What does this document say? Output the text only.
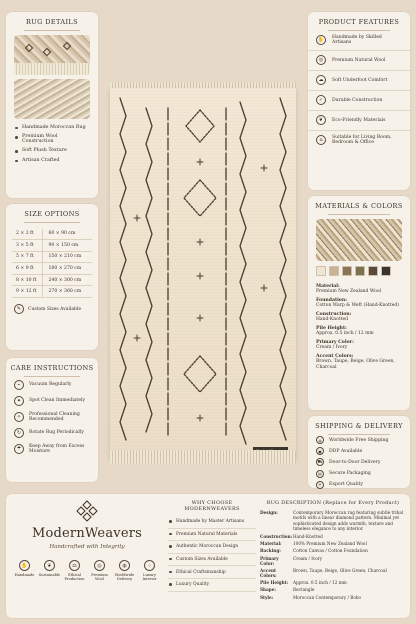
RUG DETAILS
Handmade Moroccan Rug
Premium Wool Construction
Soft Plush Texture
Artisan Crafted
SIZE OPTIONS
2 × 3 ft	60 × 90 cm
3 × 5 ft	90 × 150 cm
5 × 7 ft	150 × 210 cm
6 × 9 ft	180 × 270 cm
8 × 10 ft	240 × 300 cm
9 × 12 ft	270 × 360 cm
✎	Custom Sizes Available
CARE INSTRUCTIONS
⌁	Vacuum Regularly
✦	Spot Clean Immediately
✧	Professional Cleaning Recommended
↻	Rotate Rug Periodically
☂	Keep Away from Excess Moisture
PRODUCT FEATURES
✋	Handmade by Skilled Artisans
◎	Premium Natural Wool
☁	Soft Underfoot Comfort
✓	Durable Construction
❦	Eco-Friendly Materials
⌂	Suitable for Living Room, Bedroom & Office
MATERIALS & COLORS
Material:
Premium New Zealand Wool
Foundation:
Cotton Warp & Weft (Hand-Knotted)
Construction:
Hand-Knotted
Pile Height:
Approx. 0.5 inch / 12 mm
Primary Color:
Cream / Ivory
Accent Colors:
Brown, Taupe, Beige, Olive Green, Charcoal
SHIPPING & DELIVERY
◍	Worldwide Free Shipping
▣	DDP Available
⛟	Door-to-Door Delivery
▤	Secure Packaging
✈	Export Quality
ModernWeavers
Handcrafted with Integrity
✋
Handmade
❦
Sustainable
⚖
Ethical Production
◎
Premium Wool
◍
Worldwide Delivery
♢
Luxury Interior
WHY CHOOSE MODERNWEAVERS
Handmade by Master Artisans
Premium Natural Materials
Authentic Moroccan Design
Custom Sizes Available
Ethical Craftsmanship
Luxury Quality
RUG DESCRIPTION (Replace for Every Product)
Design:	Contemporary Moroccan rug featuring subtle tribal motifs with a linear diamond pattern. Minimal yet sophisticated design adds warmth, texture and timeless elegance to any interior.
Construction: Hand-Knotted
Material:	100% Premium New Zealand Wool
Backing:	Cotton Canvas / Cotton Foundation
Primary Color:
Cream / Ivory
Accent Colors:
Brown, Taupe, Beige, Olive Green, Charcoal
Pile Height:	Approx. 0.5 inch / 12 mm
Shape:	Rectangle
Style:	Moroccan Contemporary / Boho
